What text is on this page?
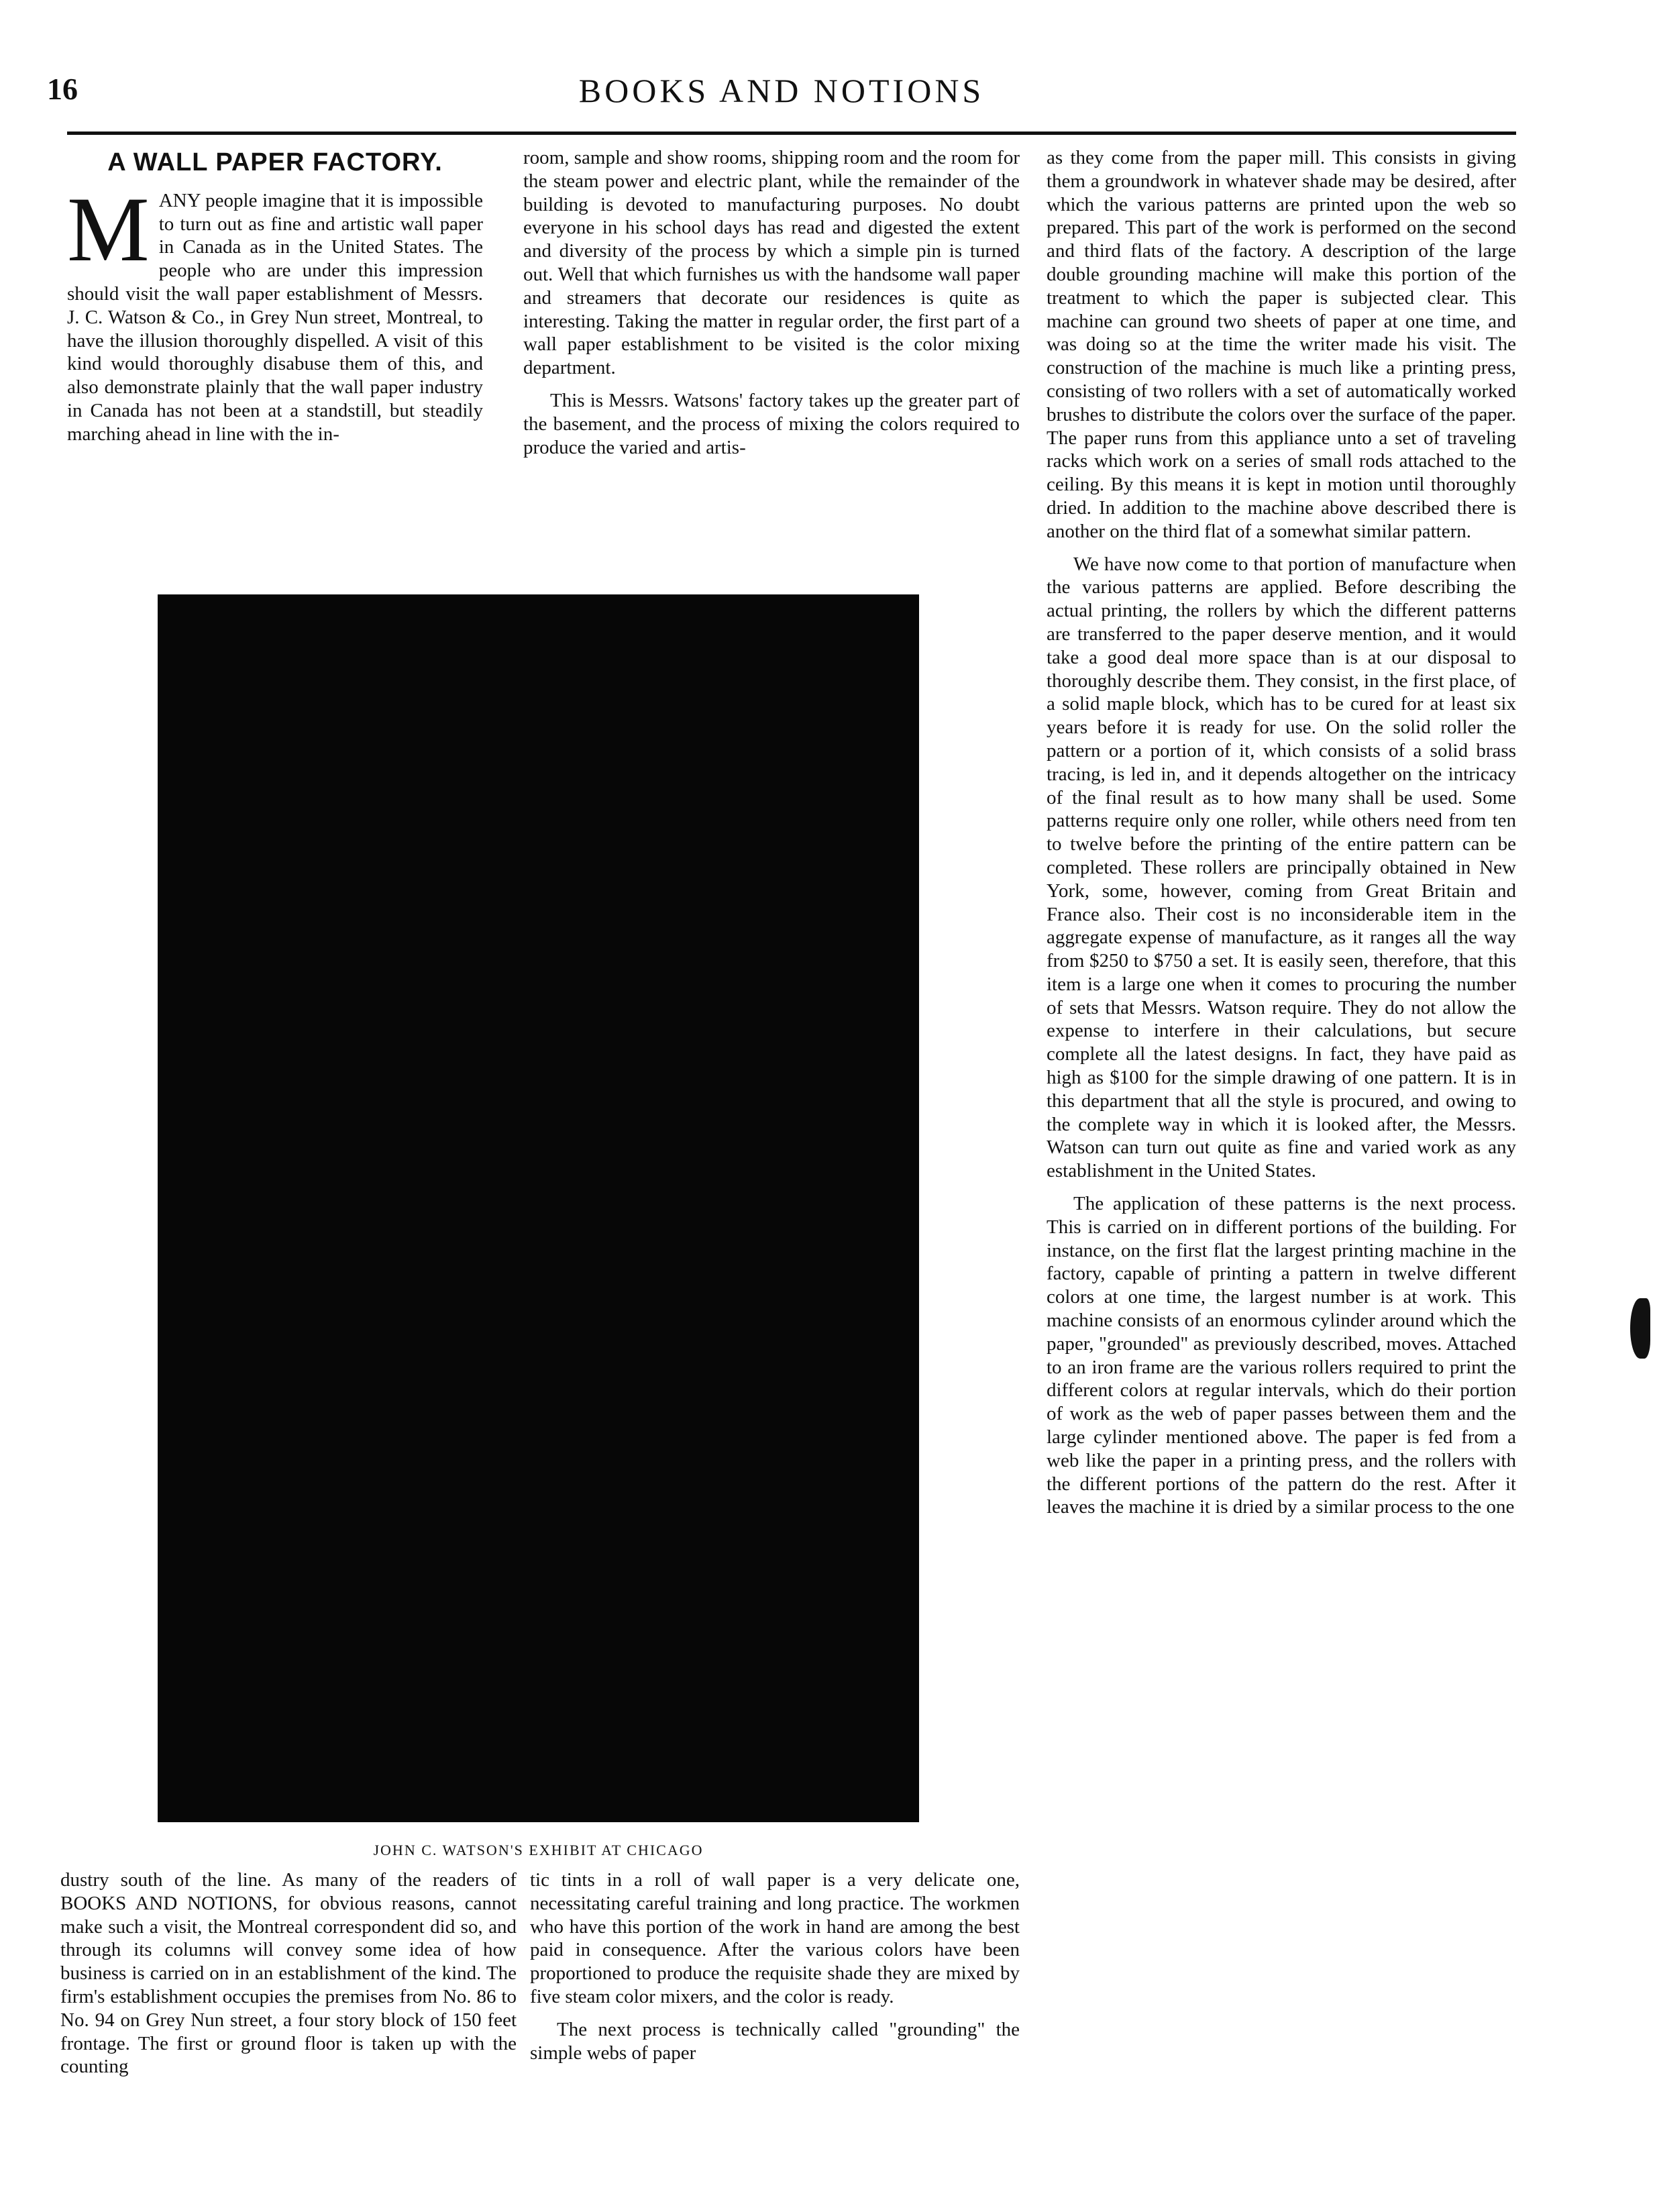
16	BOOKS AND NOTIONS
A WALL PAPER FACTORY.

MANY people imagine that it is impossible to turn out as fine and artistic wall paper in Canada as in the United States. The people who are under this impression should visit the wall paper establishment of Messrs. J. C. Watson & Co., in Grey Nun street, Montreal, to have the illusion thoroughly dispelled. A visit of this kind would thoroughly disabuse them of this, and also demonstrate plainly that the wall paper industry in Canada has not been at a standstill, but steadily marching ahead in line with the in-

room, sample and show rooms, shipping room and the room for the steam power and electric plant, while the remainder of the building is devoted to manufacturing purposes. No doubt everyone in his school days has read and digested the extent and diversity of the process by which a simple pin is turned out. Well that which furnishes us with the handsome wall paper and streamers that decorate our residences is quite as interesting. Taking the matter in regular order, the first part of a wall paper establishment to be visited is the color mixing department.

This is Messrs. Watsons' factory takes up the greater part of the basement, and the process of mixing the colors required to produce the varied and artis-

as they come from the paper mill. This consists in giving them a groundwork in whatever shade may be desired, after which the various patterns are printed upon the web so prepared. This part of the work is performed on the second and third flats of the factory. A description of the large double grounding machine will make this portion of the treatment to which the paper is subjected clear. This machine can ground two sheets of paper at one time, and was doing so at the time the writer made his visit. The construction of the machine is much like a printing press, consisting of two rollers with a set of automatically worked brushes to distribute the colors over the surface of the paper. The paper runs from this appliance unto a set of traveling racks which work on a series of small rods attached to the ceiling. By this means it is kept in motion until thoroughly dried. In addition to the machine above described there is another on the third flat of a somewhat similar pattern.

We have now come to that portion of manufacture when the various patterns are applied. Before describing the actual printing, the rollers by which the different patterns are transferred to the paper deserve mention, and it would take a good deal more space than is at our disposal to thoroughly describe them. They consist, in the first place, of a solid maple block, which has to be cured for at least six years before it is ready for use. On the solid roller the pattern or a portion of it, which consists of a solid brass tracing, is led in, and it depends altogether on the intricacy of the final result as to how many shall be used. Some patterns require only one roller, while others need from ten to twelve before the printing of the entire pattern can be completed. These rollers are principally obtained in New York, some, however, coming from Great Britain and France also. Their cost is no inconsiderable item in the aggregate expense of manufacture, as it ranges all the way from $250 to $750 a set. It is easily seen, therefore, that this item is a large one when it comes to procuring the number of sets that Messrs. Watson require. They do not allow the expense to interfere in their calculations, but secure complete all the latest designs. In fact, they have paid as high as $100 for the simple drawing of one pattern. It is in this department that all the style is procured, and owing to the complete way in which it is looked after, the Messrs. Watson can turn out quite as fine and varied work as any establishment in the United States.

The application of these patterns is the next process. This is carried on in different portions of the building. For instance, on the first flat the largest printing machine in the factory, capable of printing a pattern in twelve different colors at one time, the largest number is at work. This machine consists of an enormous cylinder around which the paper, "grounded" as previously described, moves. Attached to an iron frame are the various rollers required to print the different colors at regular intervals, which do their portion of work as the web of paper passes between them and the large cylinder mentioned above. The paper is fed from a web like the paper in a printing press, and the rollers with the different portions of the pattern do the rest. After it leaves the machine it is dried by a similar process to the one

JOHN C. WATSON'S EXHIBIT AT CHICAGO

dustry south of the line. As many of the readers of BOOKS AND NOTIONS, for obvious reasons, cannot make such a visit, the Montreal correspondent did so, and through its columns will convey some idea of how business is carried on in an establishment of the kind. The firm's establishment occupies the premises from No. 86 to No. 94 on Grey Nun street, a four story block of 150 feet frontage. The first or ground floor is taken up with the counting

tic tints in a roll of wall paper is a very delicate one, necessitating careful training and long practice. The workmen who have this portion of the work in hand are among the best paid in consequence. After the various colors have been proportioned to produce the requisite shade they are mixed by five steam color mixers, and the color is ready.

The next process is technically called "grounding" the simple webs of paper
